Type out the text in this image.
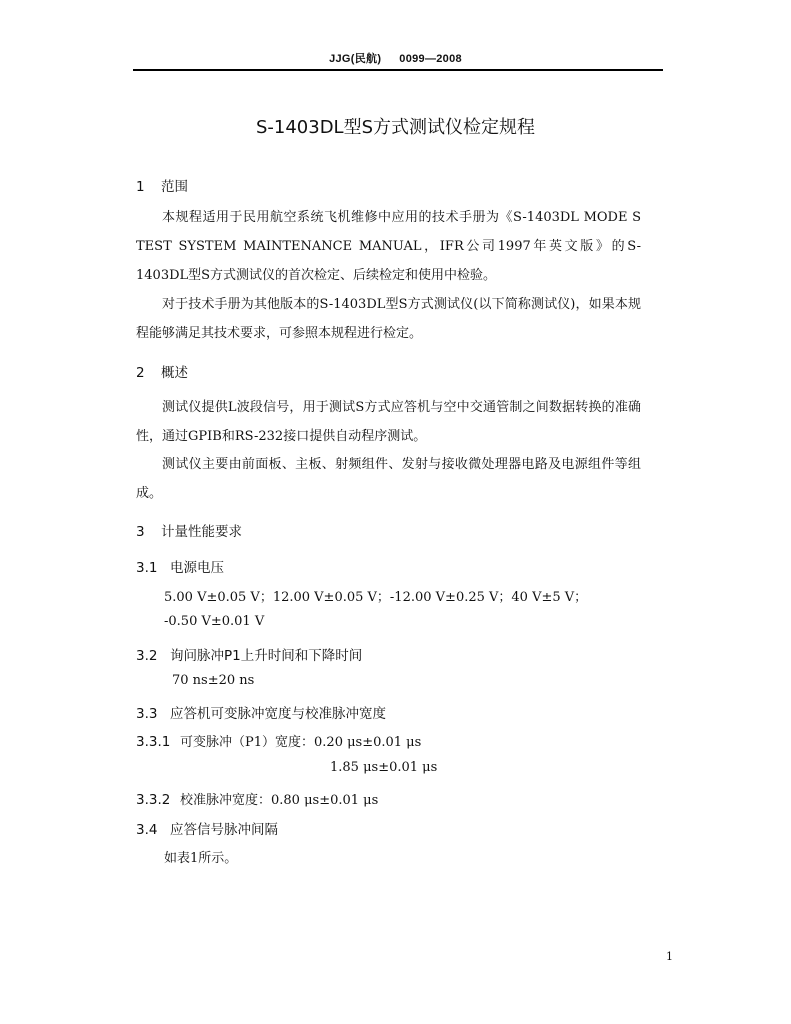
JJG(民航) 0099—2008
S-1403DL型S方式测试仪检定规程
1 范围
本规程适用于民用航空系统飞机维修中应用的技术手册为《S-1403DL MODE S TEST SYSTEM MAINTENANCE MANUAL，IFR公司1997年英文版》的S-1403DL型S方式测试仪的首次检定、后续检定和使用中检验。
对于技术手册为其他版本的S-1403DL型S方式测试仪(以下简称测试仪)，如果本规程能够满足其技术要求，可参照本规程进行检定。
2 概述
测试仪提供L波段信号，用于测试S方式应答机与空中交通管制之间数据转换的准确性，通过GPIB和RS-232接口提供自动程序测试。
测试仪主要由前面板、主板、射频组件、发射与接收微处理器电路及电源组件等组成。
3 计量性能要求
3.1 电源电压
5.00 V±0.05 V；12.00 V±0.05 V；-12.00 V±0.25 V；40 V±5 V；
-0.50 V±0.01 V
3.2 询问脉冲P1上升时间和下降时间
70 ns±20 ns
3.3 应答机可变脉冲宽度与校准脉冲宽度
3.3.1 可变脉冲（P1）宽度：0.20 μs±0.01 μs
1.85 μs±0.01 μs
3.3.2 校准脉冲宽度：0.80 μs±0.01 μs
3.4 应答信号脉冲间隔
如表1所示。
1
